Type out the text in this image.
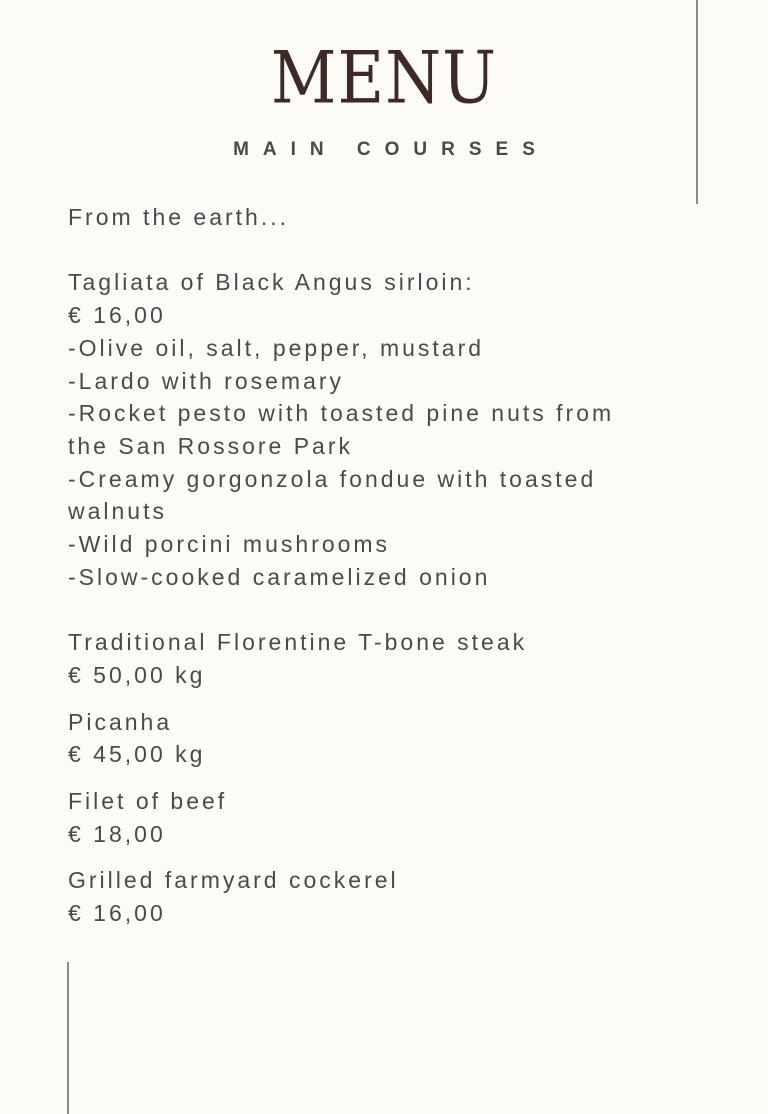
MENU
MAIN COURSES
From the earth...
Tagliata of Black Angus sirloin:
€ 16,00
-Olive oil, salt, pepper, mustard
-Lardo with rosemary
-Rocket pesto with toasted pine nuts from
the San Rossore Park
-Creamy gorgonzola fondue with toasted
walnuts
-Wild porcini mushrooms
-Slow-cooked caramelized onion
Traditional Florentine T-bone steak
€ 50,00 kg
Picanha
€ 45,00 kg
Filet of beef
€ 18,00
Grilled farmyard cockerel
€ 16,00
